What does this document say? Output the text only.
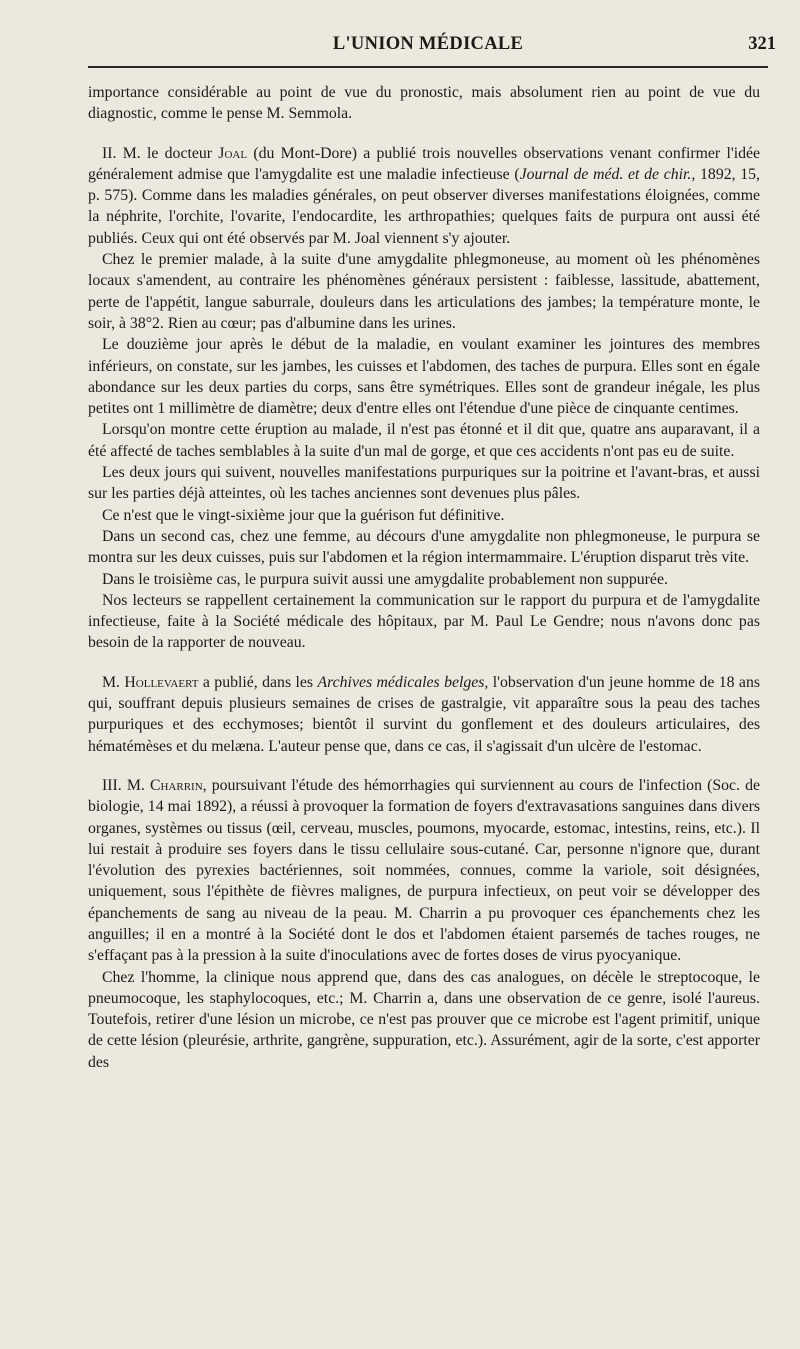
L'UNION MÉDICALE	321

importance considérable au point de vue du pronostic, mais absolument rien au point de vue du diagnostic, comme le pense M. Semmola.

II. M. le docteur Joal (du Mont-Dore) a publié trois nouvelles observations venant confirmer l'idée généralement admise que l'amygdalite est une maladie infectieuse (Journal de méd. et de chir., 1892, 15, p. 575). Comme dans les maladies générales, on peut observer diverses manifestations éloignées, comme la néphrite, l'orchite, l'ovarite, l'endocardite, les arthropathies; quelques faits de purpura ont aussi été publiés. Ceux qui ont été observés par M. Joal viennent s'y ajouter.

Chez le premier malade, à la suite d'une amygdalite phlegmoneuse, au moment où les phénomènes locaux s'amendent, au contraire les phénomènes généraux persistent : faiblesse, lassitude, abattement, perte de l'appétit, langue saburrale, douleurs dans les articulations des jambes; la température monte, le soir, à 38°2. Rien au cœur; pas d'albumine dans les urines.

Le douzième jour après le début de la maladie, en voulant examiner les jointures des membres inférieurs, on constate, sur les jambes, les cuisses et l'abdomen, des taches de purpura. Elles sont en égale abondance sur les deux parties du corps, sans être symétriques. Elles sont de grandeur inégale, les plus petites ont 1 millimètre de diamètre; deux d'entre elles ont l'étendue d'une pièce de cinquante centimes.

Lorsqu'on montre cette éruption au malade, il n'est pas étonné et il dit que, quatre ans auparavant, il a été affecté de taches semblables à la suite d'un mal de gorge, et que ces accidents n'ont pas eu de suite.

Les deux jours qui suivent, nouvelles manifestations purpuriques sur la poitrine et l'avant-bras, et aussi sur les parties déjà atteintes, où les taches anciennes sont devenues plus pâles.

Ce n'est que le vingt-sixième jour que la guérison fut définitive.

Dans un second cas, chez une femme, au décours d'une amygdalite non phlegmoneuse, le purpura se montra sur les deux cuisses, puis sur l'abdomen et la région intermammaire. L'éruption disparut très vite.

Dans le troisième cas, le purpura suivit aussi une amygdalite probablement non suppurée.

Nos lecteurs se rappellent certainement la communication sur le rapport du purpura et de l'amygdalite infectieuse, faite à la Société médicale des hôpitaux, par M. Paul Le Gendre; nous n'avons donc pas besoin de la rapporter de nouveau.

M. Hollevaert a publié, dans les Archives médicales belges, l'observation d'un jeune homme de 18 ans qui, souffrant depuis plusieurs semaines de crises de gastralgie, vit apparaître sous la peau des taches purpuriques et des ecchymoses; bientôt il survint du gonflement et des douleurs articulaires, des hématémèses et du melæna. L'auteur pense que, dans ce cas, il s'agissait d'un ulcère de l'estomac.

III. M. Charrin, poursuivant l'étude des hémorrhagies qui surviennent au cours de l'infection (Soc. de biologie, 14 mai 1892), a réussi à provoquer la formation de foyers d'extravasations sanguines dans divers organes, systèmes ou tissus (œil, cerveau, muscles, poumons, myocarde, estomac, intestins, reins, etc.). Il lui restait à produire ses foyers dans le tissu cellulaire sous-cutané. Car, personne n'ignore que, durant l'évolution des pyrexies bactériennes, soit nommées, connues, comme la variole, soit désignées, uniquement, sous l'épithète de fièvres malignes, de purpura infectieux, on peut voir se développer des épanchements de sang au niveau de la peau. M. Charrin a pu provoquer ces épanchements chez les anguilles; il en a montré à la Société dont le dos et l'abdomen étaient parsemés de taches rouges, ne s'effaçant pas à la pression à la suite d'inoculations avec de fortes doses de virus pyocyanique.

Chez l'homme, la clinique nous apprend que, dans des cas analogues, on décèle le streptocoque, le pneumocoque, les staphylocoques, etc.; M. Charrin a, dans une observation de ce genre, isolé l'aureus. Toutefois, retirer d'une lésion un microbe, ce n'est pas prouver que ce microbe est l'agent primitif, unique de cette lésion (pleurésie, arthrite, gangrène, suppuration, etc.). Assurément, agir de la sorte, c'est apporter des
